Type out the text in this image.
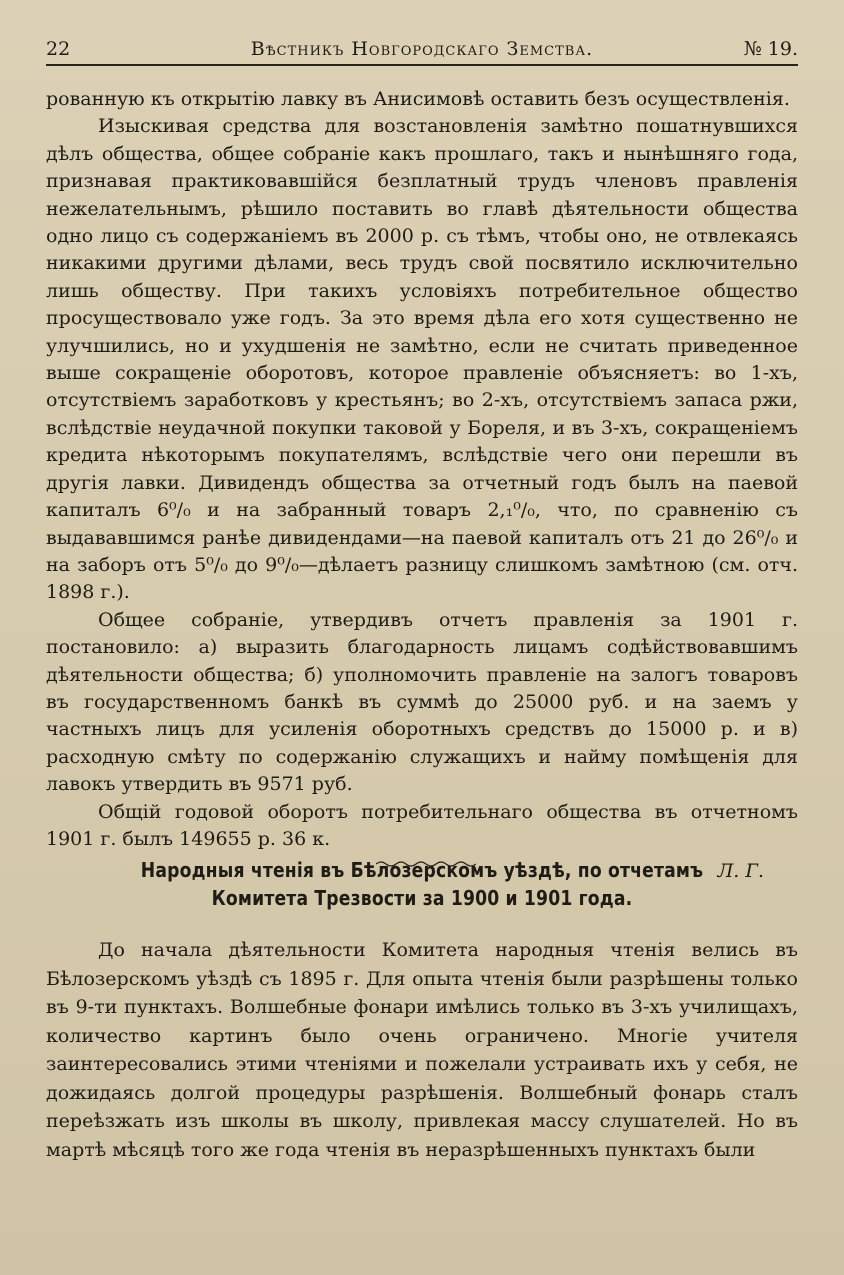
22	Вѣстникъ Новгородскаго Земства.	№ 19.

рованную къ открытію лавку въ Анисимовѣ оставить безъ осуществленія.

Изыскивая средства для возстановленія замѣтно пошатнувшихся дѣлъ общества, общее собраніе какъ прошлаго, такъ и нынѣшняго года, признавая практиковавшійся безплатный трудъ членовъ правленія нежелательнымъ, рѣшило поставить во главѣ дѣятельности общества одно лицо съ содержаніемъ въ 2000 р. съ тѣмъ, чтобы оно, не отвлекаясь никакими другими дѣлами, весь трудъ свой посвятило исключительно лишь обществу. При такихъ условіяхъ потребительное общество просуществовало уже годъ. За это время дѣла его хотя существенно не улучшились, но и ухудшенія не замѣтно, если не считать приведенное выше сокращеніе оборотовъ, которое правленіе объясняетъ: во 1-хъ, отсутствіемъ заработковъ у крестьянъ; во 2-хъ, отсутствіемъ запаса ржи, вслѣдствіе неудачной покупки таковой у Бореля, и въ 3-хъ, сокращеніемъ кредита нѣкоторымъ покупателямъ, вслѣдствіе чего они перешли въ другія лавки. Дивидендъ общества за отчетный годъ былъ на паевой капиталъ 6⁰/₀ и на забранный товаръ 2,₁⁰/₀, что, по сравненію съ выдававшимся ранѣе дивидендами—на паевой капиталъ отъ 21 до 26⁰/₀ и на заборъ отъ 5⁰/₀ до 9⁰/₀—дѣлаетъ разницу слишкомъ замѣтною (см. отч. 1898 г.).

Общее собраніе, утвердивъ отчетъ правленія за 1901 г. постановило: а) выразить благодарность лицамъ содѣйствовавшимъ дѣятельности общества; б) уполномочить правленіе на залогъ товаровъ въ государственномъ банкѣ въ суммѣ до 25000 руб. и на заемъ у частныхъ лицъ для усиленія оборотныхъ средствъ до 15000 р. и в) расходную смѣту по содержанію служащихъ и найму помѣщенія для лавокъ утвердить въ 9571 руб.

Общій годовой оборотъ потребительнаго общества въ отчетномъ 1901 г. былъ 149655 р. 36 к.

Л. Г.
Народныя чтенія въ Бѣлозерскомъ уѣздѣ, по отчетамъ Комитета Трезвости за 1900 и 1901 года.

До начала дѣятельности Комитета народныя чтенія велись въ Бѣлозерскомъ уѣздѣ съ 1895 г. Для опыта чтенія были разрѣшены только въ 9-ти пунктахъ. Волшебные фонари имѣлись только въ 3-хъ училищахъ, количество картинъ было очень ограничено. Многіе учителя заинтересовались этими чтеніями и пожелали устраивать ихъ у себя, не дожидаясь долгой процедуры разрѣшенія. Волшебный фонарь сталъ переѣзжать изъ школы въ школу, привлекая массу слушателей. Но въ мартѣ мѣсяцѣ того же года чтенія въ неразрѣшенныхъ пунктахъ были
